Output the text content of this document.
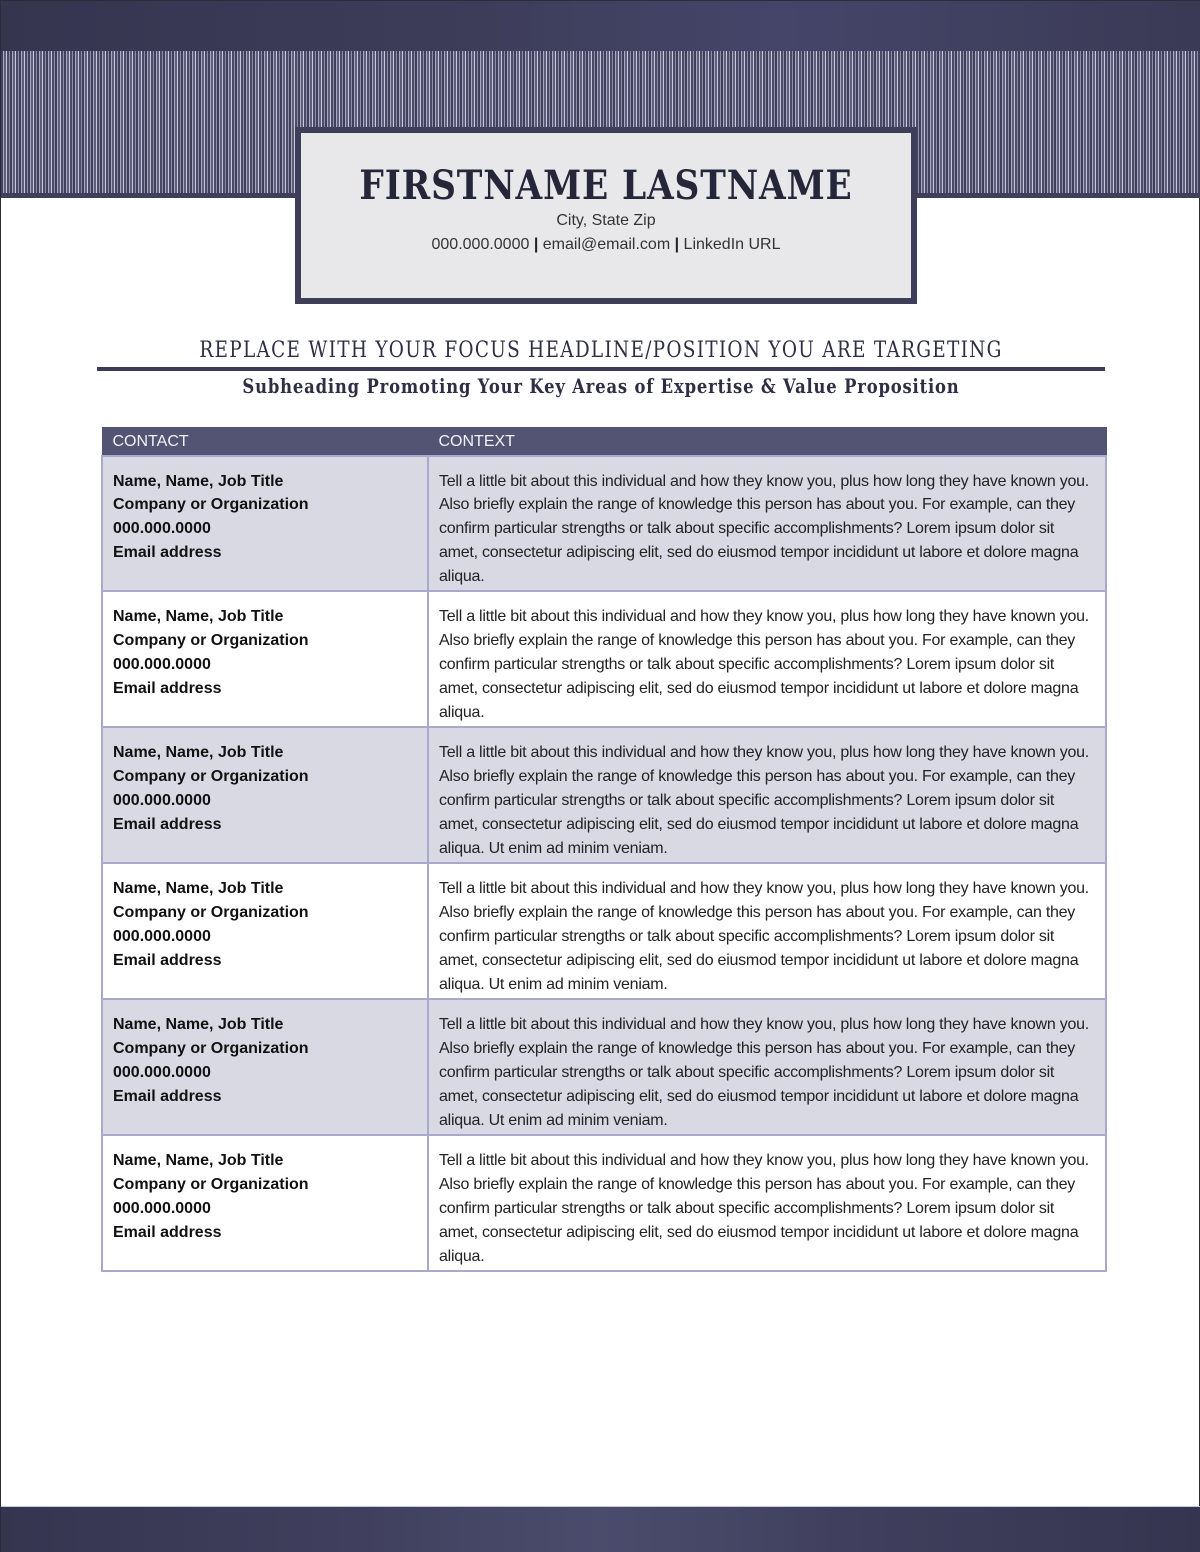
FIRSTNAME LASTNAME
City, State Zip
000.000.0000 | email@email.com | LinkedIn URL
REPLACE WITH YOUR FOCUS HEADLINE/POSITION YOU ARE TARGETING
Subheading Promoting Your Key Areas of Expertise & Value Proposition
CONTACT	CONTEXT

Name, Name, Job Title
Company or Organization
000.000.0000
Email address
	Tell a little bit about this individual and how they know you, plus how long they have known you. Also briefly explain the range of knowledge this person has about you. For example, can they confirm particular strengths or talk about specific accomplishments? Lorem ipsum dolor sit amet, consectetur adipiscing elit, sed do eiusmod tempor incididunt ut labore et dolore magna aliqua.

Name, Name, Job Title
Company or Organization
000.000.0000
Email address
	Tell a little bit about this individual and how they know you, plus how long they have known you. Also briefly explain the range of knowledge this person has about you. For example, can they confirm particular strengths or talk about specific accomplishments? Lorem ipsum dolor sit amet, consectetur adipiscing elit, sed do eiusmod tempor incididunt ut labore et dolore magna aliqua.

Name, Name, Job Title
Company or Organization
000.000.0000
Email address
	Tell a little bit about this individual and how they know you, plus how long they have known you. Also briefly explain the range of knowledge this person has about you. For example, can they confirm particular strengths or talk about specific accomplishments? Lorem ipsum dolor sit amet, consectetur adipiscing elit, sed do eiusmod tempor incididunt ut labore et dolore magna aliqua. Ut enim ad minim veniam.

Name, Name, Job Title
Company or Organization
000.000.0000
Email address
	Tell a little bit about this individual and how they know you, plus how long they have known you. Also briefly explain the range of knowledge this person has about you. For example, can they confirm particular strengths or talk about specific accomplishments? Lorem ipsum dolor sit amet, consectetur adipiscing elit, sed do eiusmod tempor incididunt ut labore et dolore magna aliqua. Ut enim ad minim veniam.

Name, Name, Job Title
Company or Organization
000.000.0000
Email address
	Tell a little bit about this individual and how they know you, plus how long they have known you. Also briefly explain the range of knowledge this person has about you. For example, can they confirm particular strengths or talk about specific accomplishments? Lorem ipsum dolor sit amet, consectetur adipiscing elit, sed do eiusmod tempor incididunt ut labore et dolore magna aliqua. Ut enim ad minim veniam.

Name, Name, Job Title
Company or Organization
000.000.0000
Email address
	Tell a little bit about this individual and how they know you, plus how long they have known you. Also briefly explain the range of knowledge this person has about you. For example, can they confirm particular strengths or talk about specific accomplishments? Lorem ipsum dolor sit amet, consectetur adipiscing elit, sed do eiusmod tempor incididunt ut labore et dolore magna aliqua.
